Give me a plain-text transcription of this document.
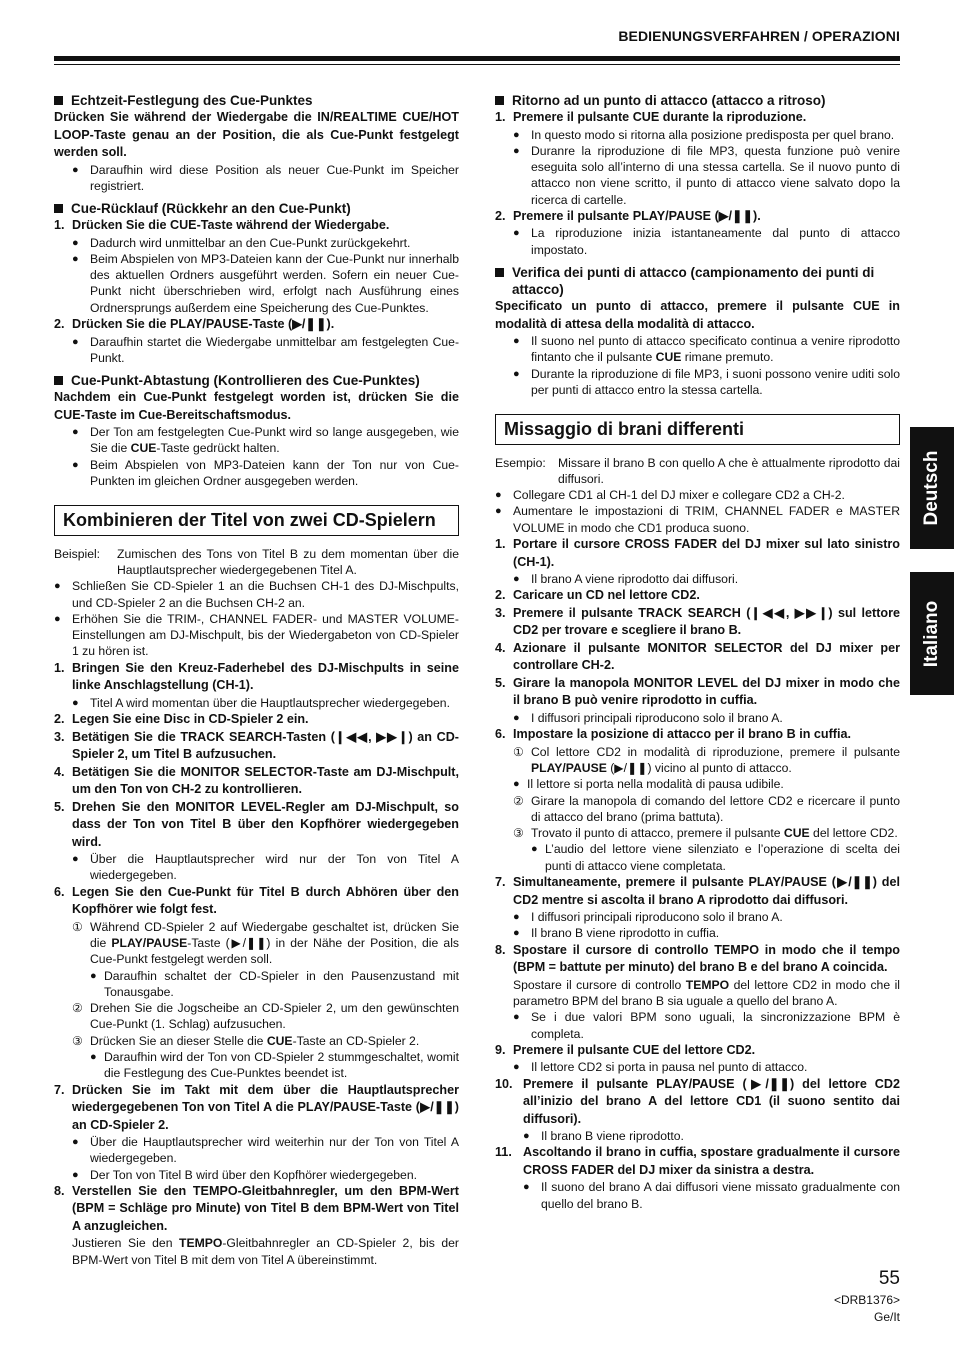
BEDIENUNGSVERFAHREN / OPERAZIONI
Echtzeit-Festlegung des Cue-Punktes
Drücken Sie während der Wiedergabe die IN/REALTIME CUE/HOT LOOP-Taste genau an der Position, die als Cue-Punkt festgelegt werden soll.
● Daraufhin wird diese Position als neuer Cue-Punkt im Speicher registriert.
Cue-Rücklauf (Rückkehr an den Cue-Punkt)
1. Drücken Sie die CUE-Taste während der Wiedergabe.
● Dadurch wird unmittelbar an den Cue-Punkt zurückgekehrt.
● Beim Abspielen von MP3-Dateien kann der Cue-Punkt nur innerhalb des aktuellen Ordners ausgeführt werden. Sofern ein neuer Cue-Punkt nicht überschrieben wird, erfolgt nach Ausführung eines Ordnersprungs außerdem eine Speicherung des Cue-Punktes.
2. Drücken Sie die PLAY/PAUSE-Taste (▶/❚❚).
● Daraufhin startet die Wiedergabe unmittelbar am festgelegten Cue-Punkt.
Cue-Punkt-Abtastung (Kontrollieren des Cue-Punktes)
Nachdem ein Cue-Punkt festgelegt worden ist, drücken Sie die CUE-Taste im Cue-Bereitschaftsmodus.
● Der Ton am festgelegten Cue-Punkt wird so lange ausgegeben, wie Sie die CUE-Taste gedrückt halten.
● Beim Abspielen von MP3-Dateien kann der Ton nur von Cue-Punkten im gleichen Ordner ausgegeben werden.
Kombinieren der Titel von zwei CD-Spielern
Beispiel:	Zumischen des Tons von Titel B zu dem momentan über die Hauptlautsprecher wiedergegebenen Titel A.
● Schließen Sie CD-Spieler 1 an die Buchsen CH-1 des DJ-Mischpults, und CD-Spieler 2 an die Buchsen CH-2 an.
● Erhöhen Sie die TRIM-, CHANNEL FADER- und MASTER VOLUME-Einstellungen am DJ-Mischpult, bis der Wiedergabeton von CD-Spieler 1 zu hören ist.
1. Bringen Sie den Kreuz-Faderhebel des DJ-Mischpults in seine linke Anschlagstellung (CH-1).
● Titel A wird momentan über die Hauptlautsprecher wiedergegeben.
2. Legen Sie eine Disc in CD-Spieler 2 ein.
3. Betätigen Sie die TRACK SEARCH-Tasten (❙◀◀, ▶▶❙) an CD-Spieler 2, um Titel B aufzusuchen.
4. Betätigen Sie die MONITOR SELECTOR-Taste am DJ-Mischpult, um den Ton von CH-2 zu kontrollieren.
5. Drehen Sie den MONITOR LEVEL-Regler am DJ-Mischpult, so dass der Ton von Titel B über den Kopfhörer wiedergegeben wird.
● Über die Hauptlautsprecher wird nur der Ton von Titel A wiedergegeben.
6. Legen Sie den Cue-Punkt für Titel B durch Abhören über den Kopfhörer wie folgt fest.
① Während CD-Spieler 2 auf Wiedergabe geschaltet ist, drücken Sie die PLAY/PAUSE-Taste (▶/❚❚) in der Nähe der Position, die als Cue-Punkt festgelegt werden soll.
● Daraufhin schaltet der CD-Spieler in den Pausenzustand mit Tonausgabe.
② Drehen Sie die Jogscheibe an CD-Spieler 2, um den gewünschten Cue-Punkt (1. Schlag) aufzusuchen.
③ Drücken Sie an dieser Stelle die CUE-Taste an CD-Spieler 2.
● Daraufhin wird der Ton von CD-Spieler 2 stummgeschaltet, womit die Festlegung des Cue-Punktes beendet ist.
7. Drücken Sie im Takt mit dem über die Hauptlautsprecher wiedergegebenen Ton von Titel A die PLAY/PAUSE-Taste (▶/❚❚) an CD-Spieler 2.
● Über die Hauptlautsprecher wird weiterhin nur der Ton von Titel A wiedergegeben.
● Der Ton von Titel B wird über den Kopfhörer wiedergegeben.
8. Verstellen Sie den TEMPO-Gleitbahnregler, um den BPM-Wert (BPM = Schläge pro Minute) von Titel B dem BPM-Wert von Titel A anzugleichen.
Justieren Sie den TEMPO-Gleitbahnregler an CD-Spieler 2, bis der BPM-Wert von Titel B mit dem von Titel A übereinstimmt.
Ritorno ad un punto di attacco (attacco a ritroso)
1. Premere il pulsante CUE durante la riproduzione.
● In questo modo si ritorna alla posizione predisposta per quel brano.
● Duranre la riproduzione di file MP3, questa funzione può venire eseguita solo all’interno di una stessa cartella. Se il nuovo punto di attacco non viene scritto, il punto di attacco viene salvato dopo la ricerca di cartelle.
2. Premere il pulsante PLAY/PAUSE (▶/❚❚).
● La riproduzione inizia istantaneamente dal punto di attacco impostato.
Verifica dei punti di attacco (campionamento dei punti di attacco)
Specificato un punto di attacco, premere il pulsante CUE in modalità di attesa della modalità di attacco.
● Il suono nel punto di attacco specificato continua a venire riprodotto fintanto che il pulsante CUE rimane premuto.
● Durante la riproduzione di file MP3, i suoni possono venire uditi solo per punti di attacco entro la stessa cartella.
Missaggio di brani differenti
Esempio: Missare il brano B con quello A che è attualmente riprodotto dai diffusori.
● Collegare CD1 al CH-1 del DJ mixer e collegare CD2 a CH-2.
● Aumentare le impostazioni di TRIM, CHANNEL FADER e MASTER VOLUME in modo che CD1 produca suono.
1. Portare il cursore CROSS FADER del DJ mixer sul lato sinistro (CH-1).
● Il brano A viene riprodotto dai diffusori.
2. Caricare un CD nel lettore CD2.
3. Premere il pulsante TRACK SEARCH (❙◀◀, ▶▶❙) sul lettore CD2 per trovare e scegliere il brano B.
4. Azionare il pulsante MONITOR SELECTOR del DJ mixer per controllare CH-2.
5. Girare la manopola MONITOR LEVEL del DJ mixer in modo che il brano B può venire riprodotto in cuffia.
● I diffusori principali riproducono solo il brano A.
6. Impostare la posizione di attacco per il brano B in cuffia.
① Col lettore CD2 in modalità di riproduzione, premere il pulsante PLAY/PAUSE (▶/❚❚) vicino al punto di attacco.
● Il lettore si porta nella modalità di pausa udibile.
② Girare la manopola di comando del lettore CD2 e ricercare il punto di attacco del brano (prima battuta).
③ Trovato il punto di attacco, premere il pulsante CUE del lettore CD2.
● L’audio del lettore viene silenziato e l’operazione di scelta dei punti di attacco viene completata.
7. Simultaneamente, premere il pulsante PLAY/PAUSE (▶/❚❚) del CD2 mentre si ascolta il brano A riprodotto dai diffusori.
● I diffusori principali riproducono solo il brano A.
● Il brano B viene riprodotto in cuffia.
8. Spostare il cursore di controllo TEMPO in modo che il tempo (BPM = battute per minuto) del brano B e del brano A coincida.
Spostare il cursore di controllo TEMPO del lettore CD2 in modo che il parametro BPM del brano B sia uguale a quello del brano A.
● Se i due valori BPM sono uguali, la sincronizzazione BPM è completa.
9. Premere il pulsante CUE del lettore CD2.
● Il lettore CD2 si porta in pausa nel punto di attacco.
10. Premere il pulsante PLAY/PAUSE (▶/❚❚) del lettore CD2 all’inizio del brano A del lettore CD1 (il suono sentito dai diffusori).
● Il brano B viene riprodotto.
11. Ascoltando il brano in cuffia, spostare gradualmente il cursore CROSS FADER del DJ mixer da sinistra a destra.
● Il suono del brano A dai diffusori viene missato gradualmente con quello del brano B.
Deutsch
Italiano
55
<DRB1376>
Ge/It
